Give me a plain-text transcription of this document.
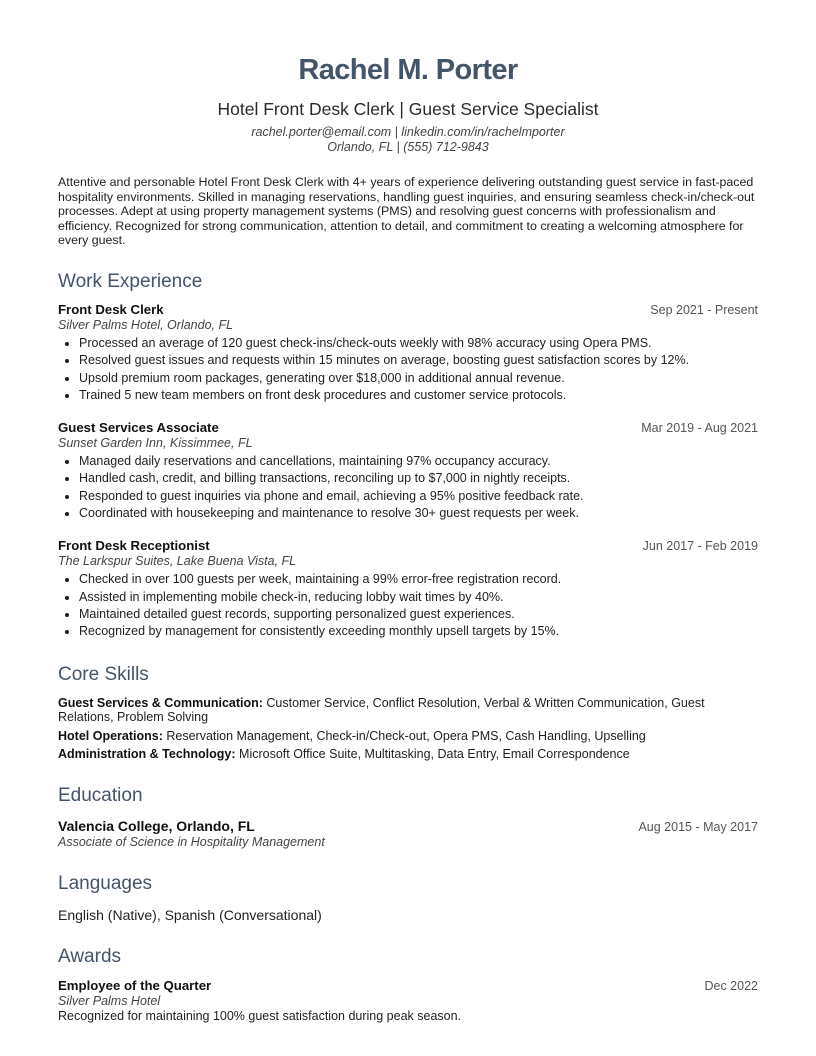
Rachel M. Porter
Hotel Front Desk Clerk | Guest Service Specialist
rachel.porter@email.com | linkedin.com/in/rachelmporter
Orlando, FL | (555) 712-9843
Attentive and personable Hotel Front Desk Clerk with 4+ years of experience delivering outstanding guest service in fast-paced hospitality environments. Skilled in managing reservations, handling guest inquiries, and ensuring seamless check-in/check-out processes. Adept at using property management systems (PMS) and resolving guest concerns with professionalism and efficiency. Recognized for strong communication, attention to detail, and commitment to creating a welcoming atmosphere for every guest.
Work Experience
Front Desk Clerk	Sep 2021 - Present
Silver Palms Hotel, Orlando, FL
• Processed an average of 120 guest check-ins/check-outs weekly with 98% accuracy using Opera PMS.
• Resolved guest issues and requests within 15 minutes on average, boosting guest satisfaction scores by 12%.
• Upsold premium room packages, generating over $18,000 in additional annual revenue.
• Trained 5 new team members on front desk procedures and customer service protocols.
Guest Services Associate	Mar 2019 - Aug 2021
Sunset Garden Inn, Kissimmee, FL
• Managed daily reservations and cancellations, maintaining 97% occupancy accuracy.
• Handled cash, credit, and billing transactions, reconciling up to $7,000 in nightly receipts.
• Responded to guest inquiries via phone and email, achieving a 95% positive feedback rate.
• Coordinated with housekeeping and maintenance to resolve 30+ guest requests per week.
Front Desk Receptionist	Jun 2017 - Feb 2019
The Larkspur Suites, Lake Buena Vista, FL
• Checked in over 100 guests per week, maintaining a 99% error-free registration record.
• Assisted in implementing mobile check-in, reducing lobby wait times by 40%.
• Maintained detailed guest records, supporting personalized guest experiences.
• Recognized by management for consistently exceeding monthly upsell targets by 15%.
Core Skills
Guest Services & Communication: Customer Service, Conflict Resolution, Verbal & Written Communication, Guest Relations, Problem Solving
Hotel Operations: Reservation Management, Check-in/Check-out, Opera PMS, Cash Handling, Upselling
Administration & Technology: Microsoft Office Suite, Multitasking, Data Entry, Email Correspondence
Education
Valencia College, Orlando, FL	Aug 2015 - May 2017
Associate of Science in Hospitality Management
Languages
English (Native), Spanish (Conversational)
Awards
Employee of the Quarter	Dec 2022
Silver Palms Hotel
Recognized for maintaining 100% guest satisfaction during peak season.
